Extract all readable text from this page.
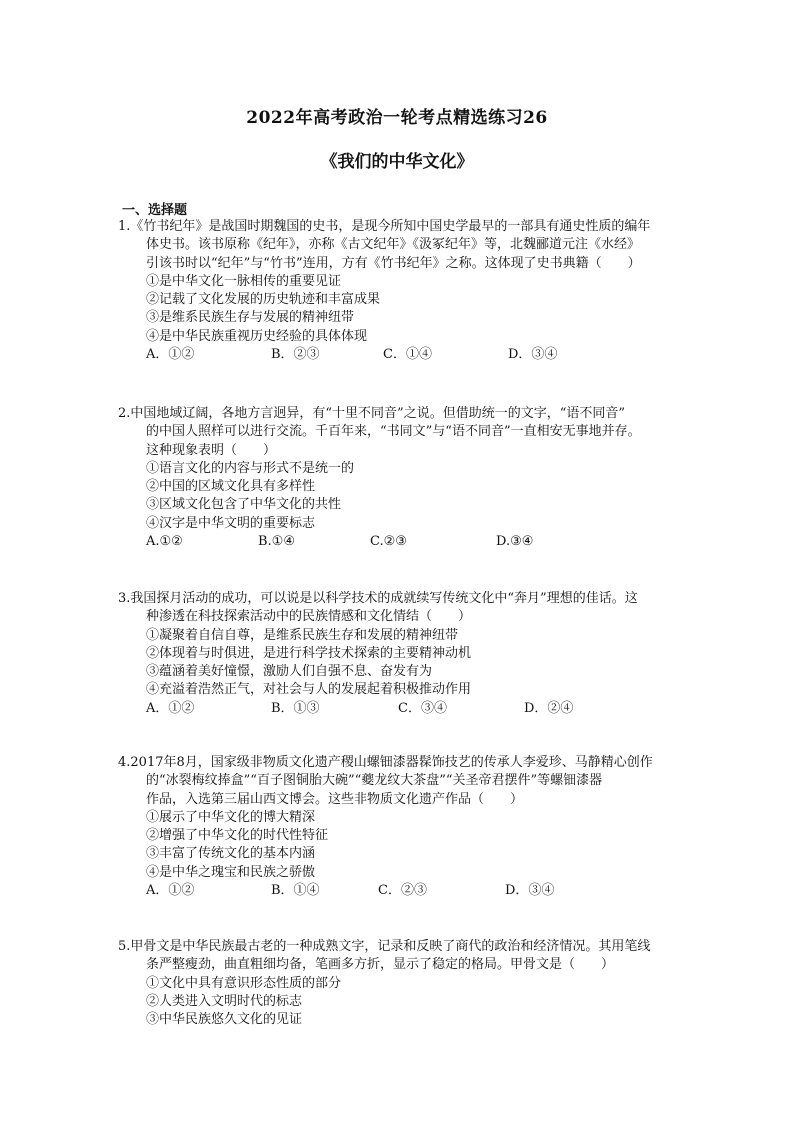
2022年高考政治一轮考点精选练习26
《我们的中华文化》
一、选择题
1.《竹书纪年》是战国时期魏国的史书，是现今所知中国史学最早的一部具有通史性质的编年
体史书。该书原称《纪年》，亦称《古文纪年》《汲冢纪年》等，北魏郦道元注《水经》
引该书时以“纪年”与“竹书”连用，方有《竹书纪年》之称。这体现了史书典籍（　　）
①是中华文化一脉相传的重要见证
②记载了文化发展的历史轨迹和丰富成果
③是维系民族生存与发展的精神纽带
④是中华民族重视历史经验的具体体现
A．①②	B．②③	C．①④	D．③④
2.中国地域辽阔，各地方言迥异，有“十里不同音”之说。但借助统一的文字，“语不同音”
的中国人照样可以进行交流。千百年来，“书同文”与“语不同音”一直相安无事地并存。
这种现象表明（　　）
①语言文化的内容与形式不是统一的
②中国的区域文化具有多样性
③区域文化包含了中华文化的共性
④汉字是中华文明的重要标志
A.①②	B.①④	C.②③	D.③④
3.我国探月活动的成功，可以说是以科学技术的成就续写传统文化中“奔月”理想的佳话。这
种渗透在科技探索活动中的民族情感和文化情结（　　）
①凝聚着自信自尊，是维系民族生存和发展的精神纽带
②体现着与时俱进，是进行科学技术探索的主要精神动机
③蕴涵着美好憧憬，激励人们自强不息、奋发有为
④充溢着浩然正气，对社会与人的发展起着积极推动作用
A．①②	B．①③	C．③④	D．②④
4.2017年8月，国家级非物质文化遗产稷山螺钿漆器髹饰技艺的传承人李爱珍、马静精心创作
的“冰裂梅纹捧盒”“百子图铜胎大碗”“夔龙纹大茶盘”“关圣帝君摆件”等螺钿漆器
作品，入选第三届山西文博会。这些非物质文化遗产作品（　　）
①展示了中华文化的博大精深
②增强了中华文化的时代性特征
③丰富了传统文化的基本内涵
④是中华之瑰宝和民族之骄傲
A．①②	B．①④	C．②③	D．③④
5.甲骨文是中华民族最古老的一种成熟文字，记录和反映了商代的政治和经济情况。其用笔线
条严整瘦劲，曲直粗细均备，笔画多方折，显示了稳定的格局。甲骨文是（　　）
①文化中具有意识形态性质的部分
②人类进入文明时代的标志
③中华民族悠久文化的见证
